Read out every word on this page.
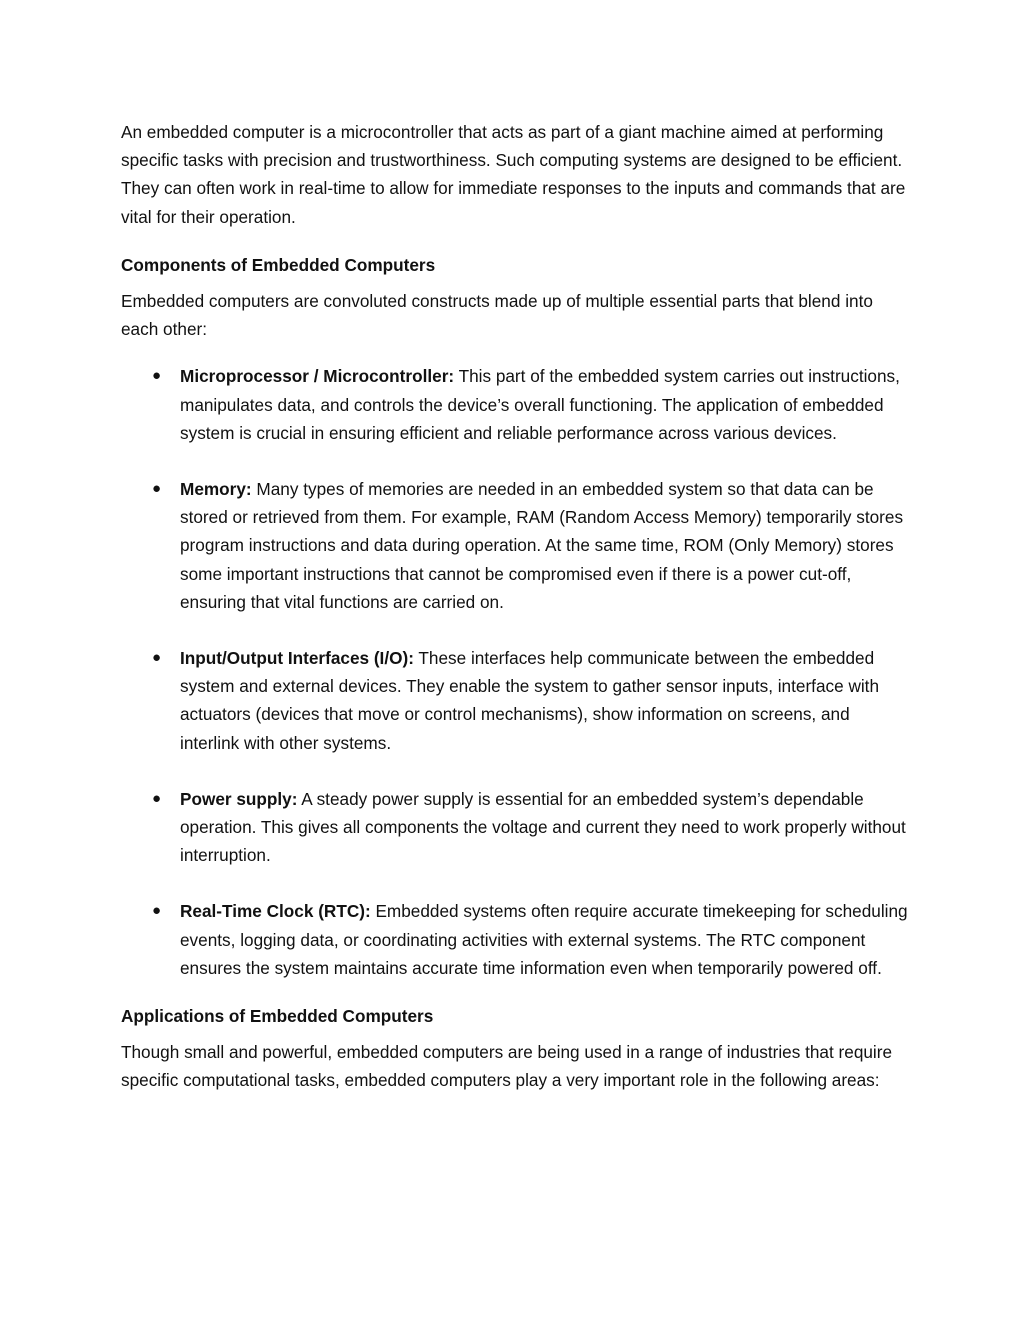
An embedded computer is a microcontroller that acts as part of a giant machine aimed at performing specific tasks with precision and trustworthiness. Such computing systems are designed to be efficient. They can often work in real-time to allow for immediate responses to the inputs and commands that are vital for their operation.

Components of Embedded Computers

Embedded computers are convoluted constructs made up of multiple essential parts that blend into each other:

● Microprocessor / Microcontroller: This part of the embedded system carries out instructions, manipulates data, and controls the device’s overall functioning. The application of embedded system is crucial in ensuring efficient and reliable performance across various devices.
● Memory: Many types of memories are needed in an embedded system so that data can be stored or retrieved from them. For example, RAM (Random Access Memory) temporarily stores program instructions and data during operation. At the same time, ROM (Only Memory) stores some important instructions that cannot be compromised even if there is a power cut-off, ensuring that vital functions are carried on.
● Input/Output Interfaces (I/O): These interfaces help communicate between the embedded system and external devices. They enable the system to gather sensor inputs, interface with actuators (devices that move or control mechanisms), show information on screens, and interlink with other systems.
● Power supply: A steady power supply is essential for an embedded system’s dependable operation. This gives all components the voltage and current they need to work properly without interruption.
● Real-Time Clock (RTC): Embedded systems often require accurate timekeeping for scheduling events, logging data, or coordinating activities with external systems. The RTC component ensures the system maintains accurate time information even when temporarily powered off.

Applications of Embedded Computers

Though small and powerful, embedded computers are being used in a range of industries that require specific computational tasks, embedded computers play a very important role in the following areas:
